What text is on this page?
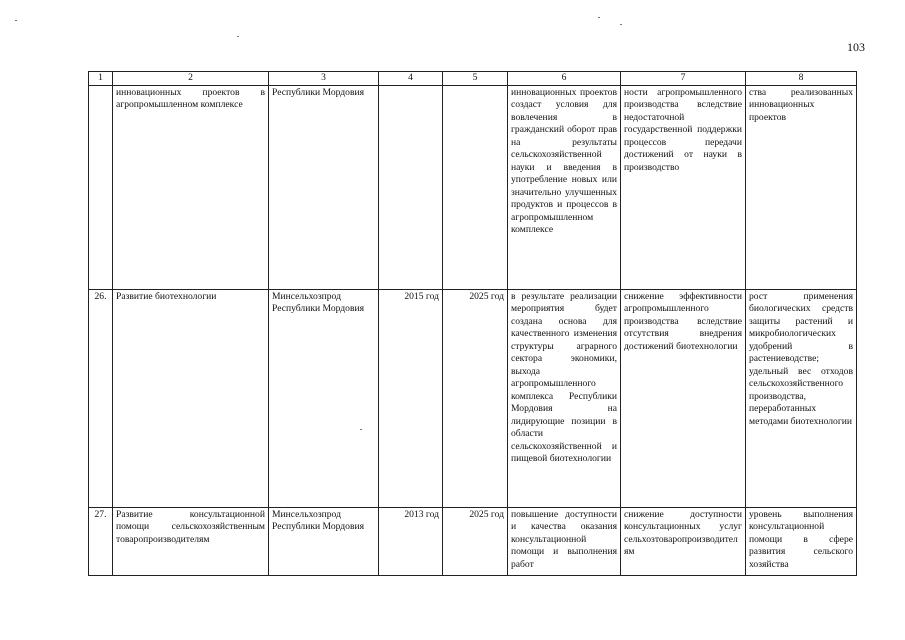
103
1	2	3	4	5	6	7	8
	инновационных проектов в агропромышленном комплексе	Республики Мордовия			инновационных проектов создаст условия для вовлечения в гражданский оборот прав на результаты сельскохозяйственной науки и введения в употребление новых или значительно улучшенных продуктов и процессов в агропромышленном комплексе	ности агропромышленного производства вследствие недостаточной государственной поддержки процессов передачи достижений от науки в производство	ства реализованных инновационных проектов
26.	Развитие биотехнологии	Минсельхозпрод Республики Мордовия	2015 год	2025 год	в результате реализации мероприятия будет создана основа для качественного изменения структуры аграрного сектора экономики, выхода агропромышленного комплекса Республики Мордовия на лидирующие позиции в области сельскохозяйственной и пищевой биотехнологии	снижение эффективности агропромышленного производства вследствие отсутствия внедрения достижений биотехнологии	рост применения биологических средств защиты растений и микробиологических удобрений в растениеводстве; удельный вес отходов сельскохозяйственного производства, переработанных методами биотехнологии
27.	Развитие консультационной помощи сельскохозяйственным товаропроизводителям	Минсельхозпрод Республики Мордовия	2013 год	2025 год	повышение доступности и качества оказания консультационной помощи и выполнения работ	снижение доступности консультационных услуг сельхозтоваропроизводителям	уровень выполнения консультационной помощи в сфере развития сельского хозяйства
